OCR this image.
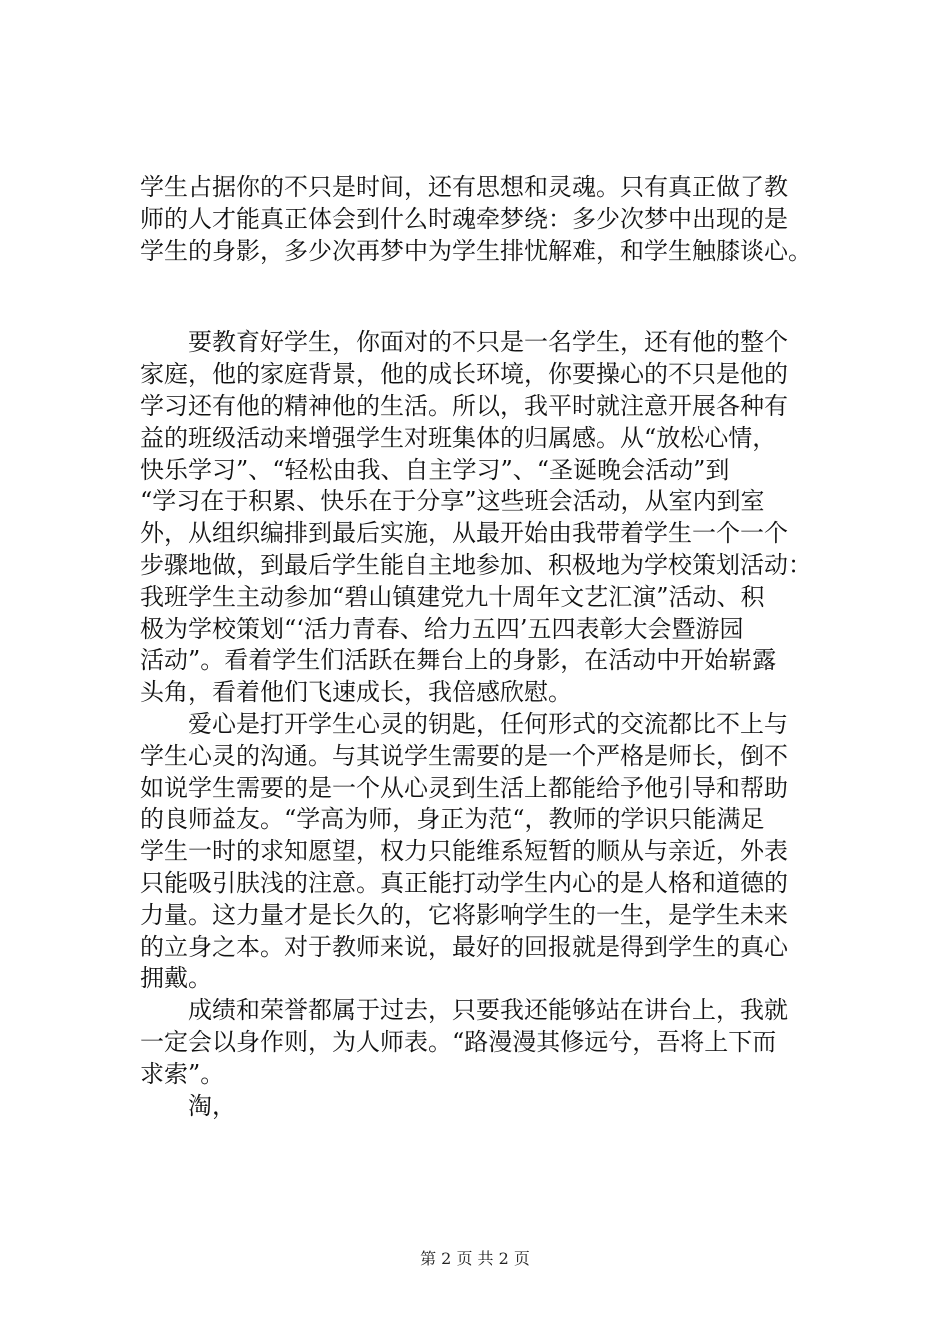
学生占据你的不只是时间，还有思想和灵魂。只有真正做了教
师的人才能真正体会到什么时魂牵梦绕：多少次梦中出现的是
学生的身影，多少次再梦中为学生排忧解难，和学生触膝谈心。
要教育好学生，你面对的不只是一名学生，还有他的整个
家庭，他的家庭背景，他的成长环境，你要操心的不只是他的
学习还有他的精神他的生活。所以，我平时就注意开展各种有
益的班级活动来增强学生对班集体的归属感。从“放松心情，
快乐学习”、“轻松由我、自主学习”、“圣诞晚会活动”到
“学习在于积累、快乐在于分享”这些班会活动，从室内到室
外，从组织编排到最后实施，从最开始由我带着学生一个一个
步骤地做，到最后学生能自主地参加、积极地为学校策划活动：
我班学生主动参加“碧山镇建党九十周年文艺汇演”活动、积
极为学校策划“‘活力青春、给力五四’五四表彰大会暨游园
活动”。看着学生们活跃在舞台上的身影，在活动中开始崭露
头角，看着他们飞速成长，我倍感欣慰。
爱心是打开学生心灵的钥匙，任何形式的交流都比不上与
学生心灵的沟通。与其说学生需要的是一个严格是师长，倒不
如说学生需要的是一个从心灵到生活上都能给予他引导和帮助
的良师益友。“学高为师，身正为范“，教师的学识只能满足
学生一时的求知愿望，权力只能维系短暂的顺从与亲近，外表
只能吸引肤浅的注意。真正能打动学生内心的是人格和道德的
力量。这力量才是长久的，它将影响学生的一生，是学生未来
的立身之本。对于教师来说，最好的回报就是得到学生的真心
拥戴。
成绩和荣誉都属于过去，只要我还能够站在讲台上，我就
一定会以身作则，为人师表。“路漫漫其修远兮，吾将上下而
求索”。
淘，
第 2 页 共 2 页
